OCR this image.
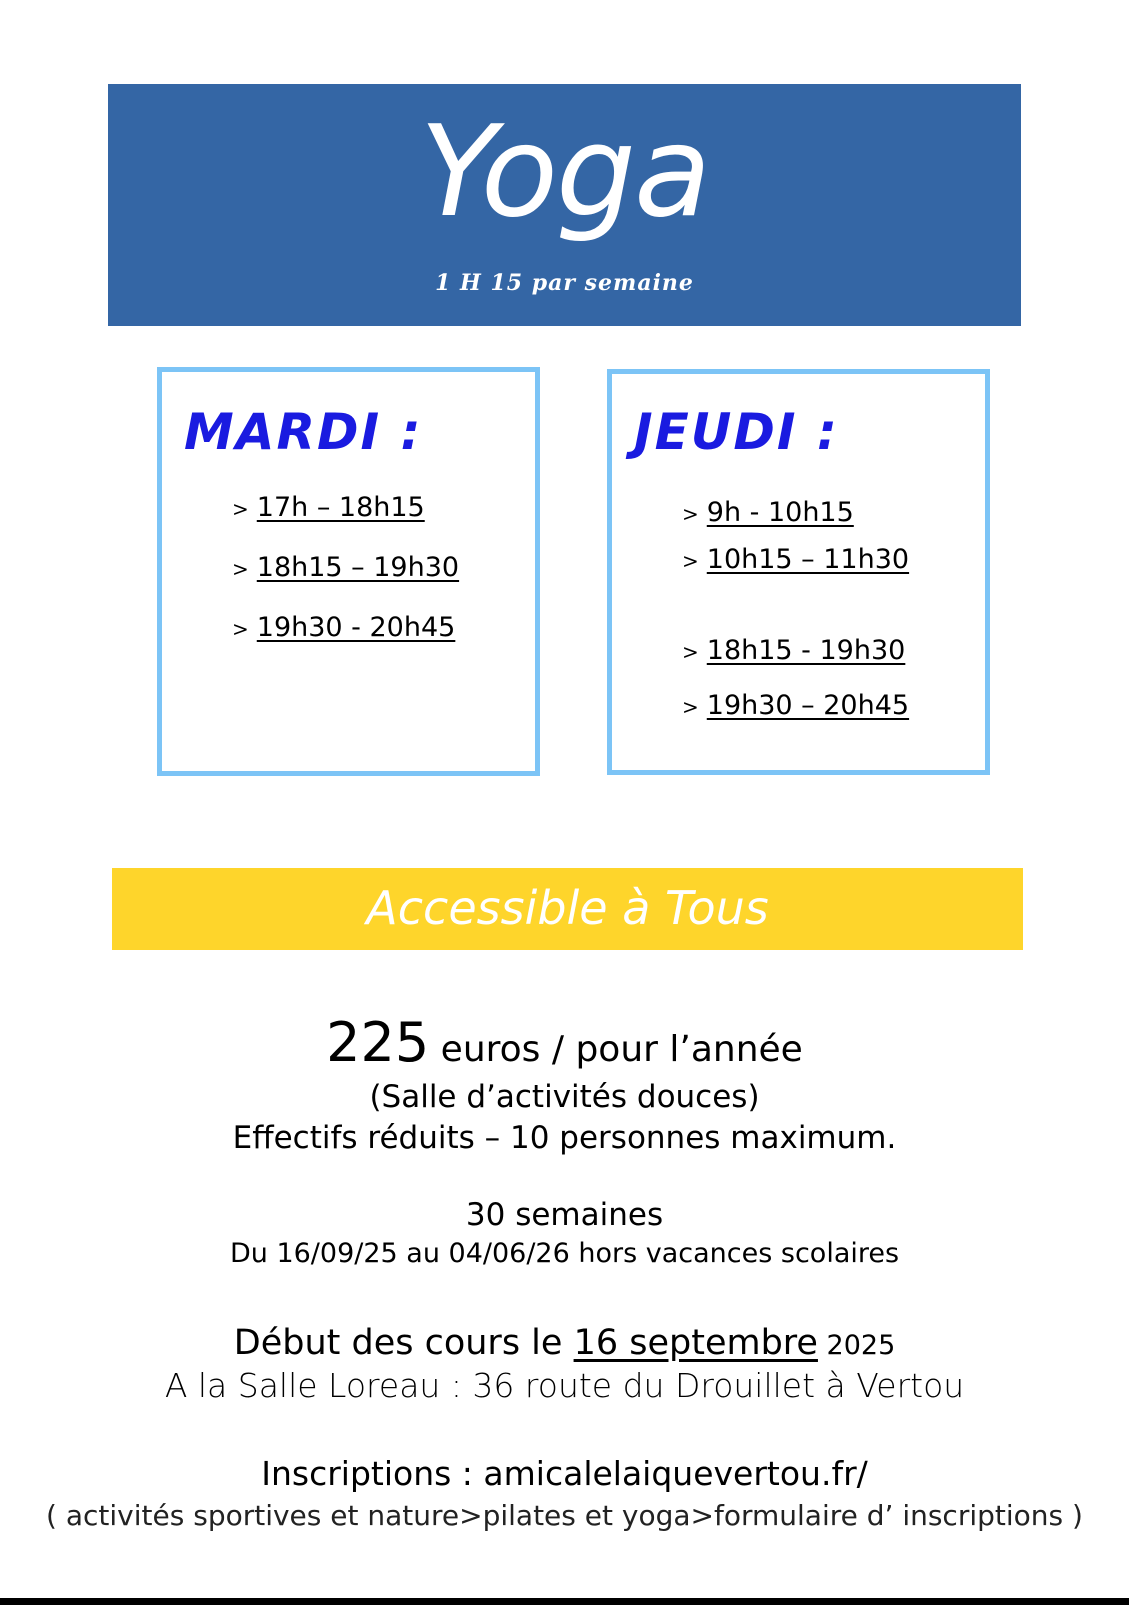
Yoga
1 H 15 par semaine
MARDI :
> 17h – 18h15
> 18h15 – 19h30
> 19h30 - 20h45
JEUDI :
> 9h - 10h15
> 10h15 – 11h30
> 18h15 - 19h30
> 19h30 – 20h45
Accessible à Tous
225 euros / pour l’année
(Salle d’activités douces)
Effectifs réduits – 10 personnes maximum.
30 semaines
Du 16/09/25 au 04/06/26 hors vacances scolaires
Début des cours le 16 septembre 2025
A la Salle Loreau : 36 route du Drouillet à Vertou
Inscriptions : amicalelaiquevertou.fr/
( activités sportives et nature>pilates et yoga>formulaire d’ inscriptions )
